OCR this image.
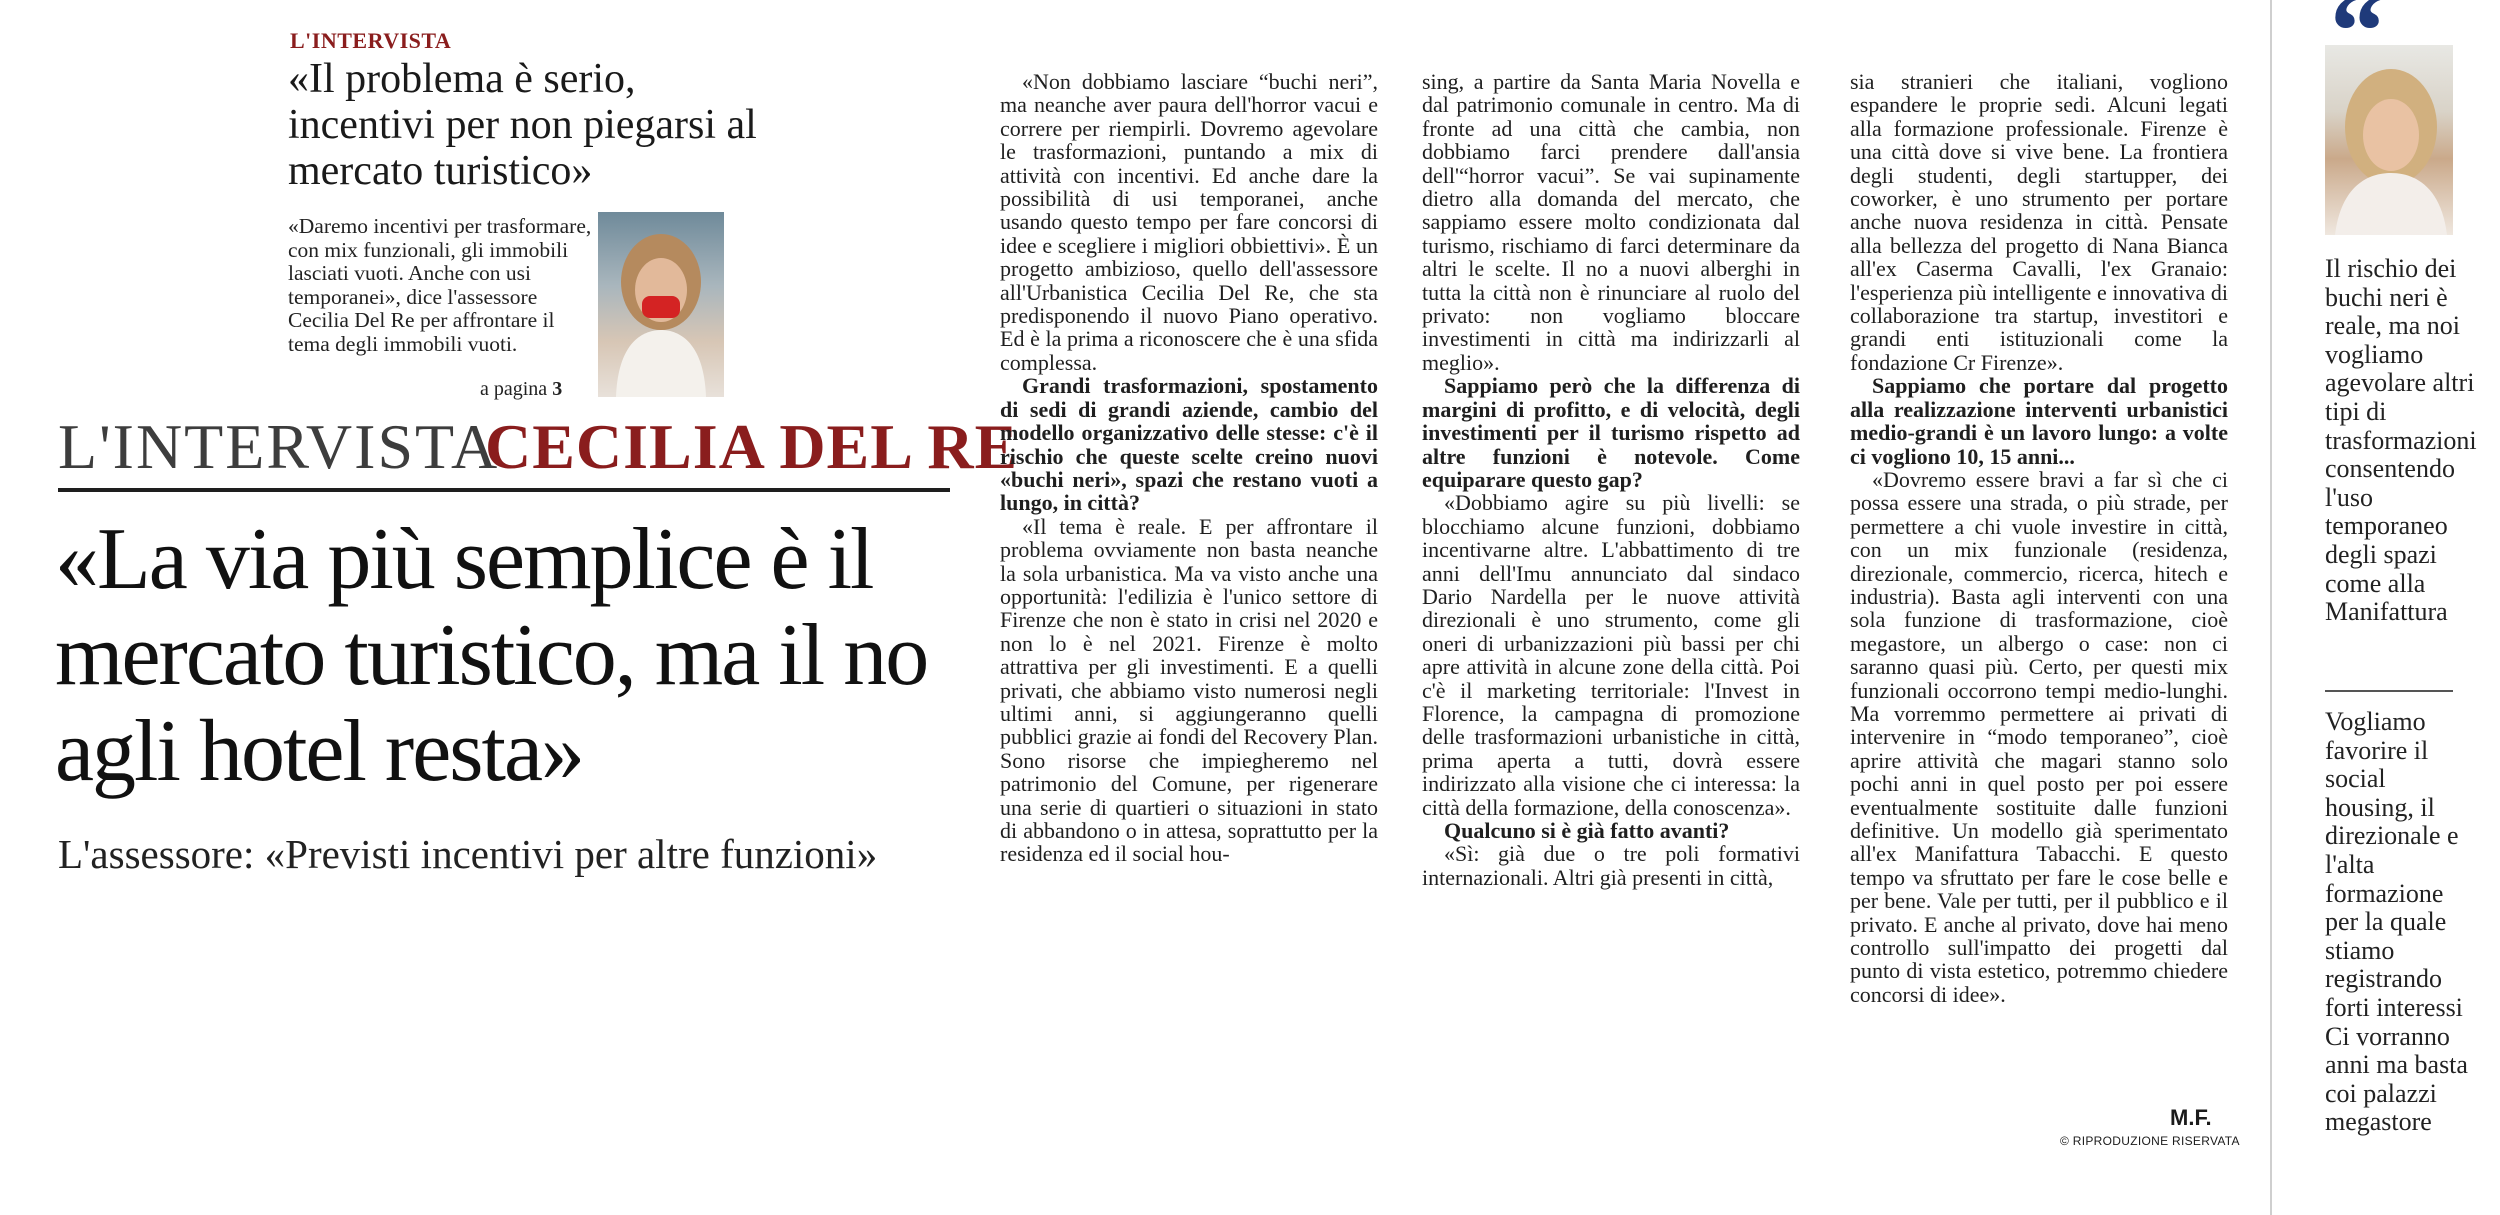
L'INTERVISTA
«Il problema è serio, incentivi per non piegarsi al mercato turistico»
«Daremo incentivi per trasformare, con mix funzionali, gli immobili lasciati vuoti. Anche con usi temporanei», dice l'assessore Cecilia Del Re per affrontare il tema degli immobili vuoti.
a pagina 3
L'INTERVISTA
CECILIA DEL RE
«La via più semplice è il mercato turistico, ma il no agli hotel resta»
L'assessore: «Previsti incentivi per altre funzioni»

«Non dobbiamo lasciare “buchi neri”, ma neanche aver paura dell'horror vacui e correre per riempirli. Dovremo agevolare le trasformazioni, puntando a mix di attività con incentivi. Ed anche dare la possibilità di usi temporanei, anche usando questo tempo per fare concorsi di idee e scegliere i migliori obbiettivi». È un progetto ambizioso, quello dell'assessore all'Urbanistica Cecilia Del Re, che sta predisponendo il nuovo Piano operativo. Ed è la prima a riconoscere che è una sfida complessa.

Grandi trasformazioni, spostamento di sedi di grandi aziende, cambio del modello organizzativo delle stesse: c'è il rischio che queste scelte creino nuovi «buchi neri», spazi che restano vuoti a lungo, in città?

«Il tema è reale. E per affrontare il problema ovviamente non basta neanche la sola urbanistica. Ma va visto anche una opportunità: l'edilizia è l'unico settore di Firenze che non è stato in crisi nel 2020 e non lo è nel 2021. Firenze è molto attrattiva per gli investimenti. E a quelli privati, che abbiamo visto numerosi negli ultimi anni, si aggiungeranno quelli pubblici grazie ai fondi del Recovery Plan. Sono risorse che impiegheremo nel patrimonio del Comune, per rigenerare una serie di quartieri o situazioni in stato di abbandono o in attesa, soprattutto per la residenza ed il social hou-

sing, a partire da Santa Maria Novella e dal patrimonio comunale in centro. Ma di fronte ad una città che cambia, non dobbiamo farci prendere dall'ansia dell'“horror vacui”. Se vai supinamente dietro alla domanda del mercato, che sappiamo essere molto condizionata dal turismo, rischiamo di farci determinare da altri le scelte. Il no a nuovi alberghi in tutta la città non è rinunciare al ruolo del privato: non vogliamo bloccare investimenti in città ma indirizzarli al meglio».

Sappiamo però che la differenza di margini di profitto, e di velocità, degli investimenti per il turismo rispetto ad altre funzioni è notevole. Come equiparare questo gap?

«Dobbiamo agire su più livelli: se blocchiamo alcune funzioni, dobbiamo incentivarne altre. L'abbattimento di tre anni dell'Imu annunciato dal sindaco Dario Nardella per le nuove attività direzionali è uno strumento, come gli oneri di urbanizzazioni più bassi per chi apre attività in alcune zone della città. Poi c'è il marketing territoriale: l'Invest in Florence, la campagna di promozione delle trasformazioni urbanistiche in città, prima aperta a tutti, dovrà essere indirizzato alla visione che ci interessa: la città della formazione, della conoscenza».

Qualcuno si è già fatto avanti?

«Sì: già due o tre poli formativi internazionali. Altri già presenti in città,

sia stranieri che italiani, vogliono espandere le proprie sedi. Alcuni legati alla formazione professionale. Firenze è una città dove si vive bene. La frontiera degli studenti, degli startupper, dei coworker, è uno strumento per portare anche nuova residenza in città. Pensate alla bellezza del progetto di Nana Bianca all'ex Caserma Cavalli, l'ex Granaio: l'esperienza più intelligente e innovativa di collaborazione tra startup, investitori e grandi enti istituzionali come la fondazione Cr Firenze».

Sappiamo che portare dal progetto alla realizzazione interventi urbanistici medio-grandi è un lavoro lungo: a volte ci vogliono 10, 15 anni...

«Dovremo essere bravi a far sì che ci possa essere una strada, o più strade, per permettere a chi vuole investire in città, con un mix funzionale (residenza, direzionale, commercio, ricerca, hitech e industria). Basta agli interventi con una sola funzione di trasformazione, cioè megastore, un albergo o case: non ci saranno quasi più. Certo, per questi mix funzionali occorrono tempi medio-lunghi. Ma vorremmo permettere ai privati di intervenire in “modo temporaneo”, cioè aprire attività che magari stanno solo pochi anni in quel posto per poi essere eventualmente sostituite dalle funzioni definitive. Un modello già sperimentato all'ex Manifattura Tabacchi. E questo tempo va sfruttato per fare le cose belle e per bene. Vale per tutti, per il pubblico e il privato. E anche al privato, dove hai meno controllo sull'impatto dei progetti dal punto di vista estetico, potremmo chiedere concorsi di idee».

M.F.
© RIPRODUZIONE RISERVATA
Il rischio dei buchi neri è reale, ma noi vogliamo agevolare altri tipi di trasformazioni consentendo l'uso temporaneo degli spazi come alla Manifattura
Vogliamo favorire il social housing, il direzionale e l'alta formazione per la quale stiamo registrando forti interessi Ci vorranno anni ma basta coi palazzi megastore
